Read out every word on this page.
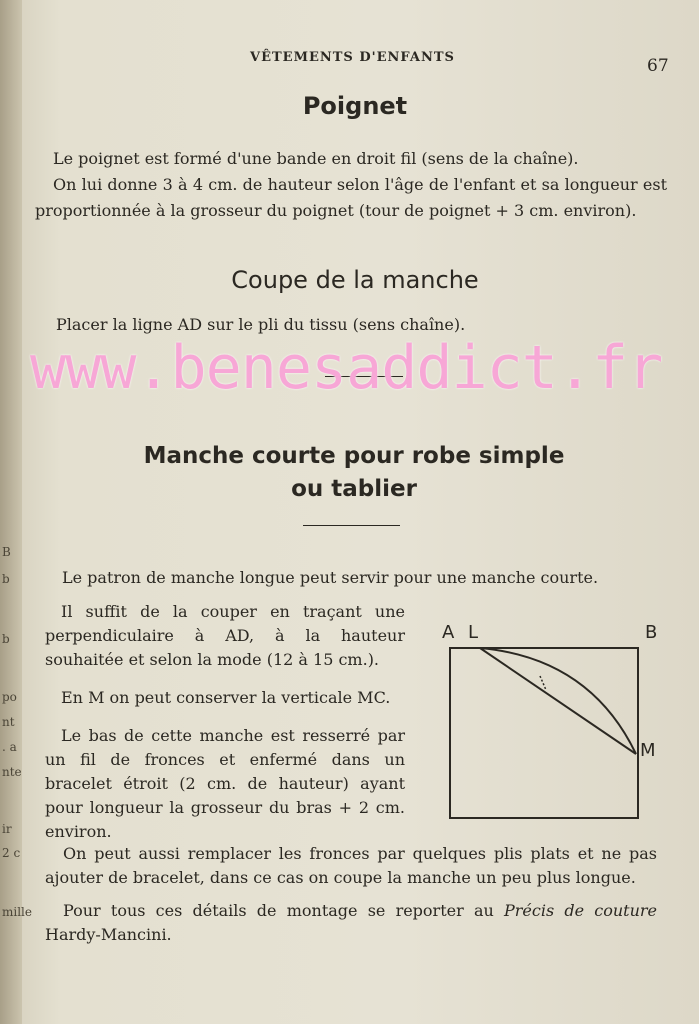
B
b
b
po
nt
. a
nte
ir
2 c
mille
VÊTEMENTS D'ENFANTS	67
Poignet

Le poignet est formé d'une bande en droit fil (sens de la chaîne).

On lui donne 3 à 4 cm. de hauteur selon l'âge de l'enfant et sa longueur est proportionnée à la grosseur du poignet (tour de poignet + 3 cm. environ).

Coupe de la manche
Placer la ligne AD sur le pli du tissu (sens chaîne).
www.benesaddict.fr
Manche courte pour robe simple
ou tablier
Le patron de manche longue peut servir pour une manche courte.

Il suffit de la couper en traçant une perpendiculaire à AD, à la hauteur souhaitée et selon la mode (12 à 15 cm.).

En M on peut conserver la verticale MC.

Le bas de cette manche est resserré par un fil de fronces et enfermé dans un bracelet étroit (2 cm. de hauteur) ayant pour longueur la grosseur du bras + 2 cm. environ.

On peut aussi remplacer les fronces par quelques plis plats et ne pas ajouter de bracelet, dans ce cas on coupe la manche un peu plus longue.

Pour tous ces détails de montage se reporter au Précis de couture Hardy-Mancini.

A L	B
M
